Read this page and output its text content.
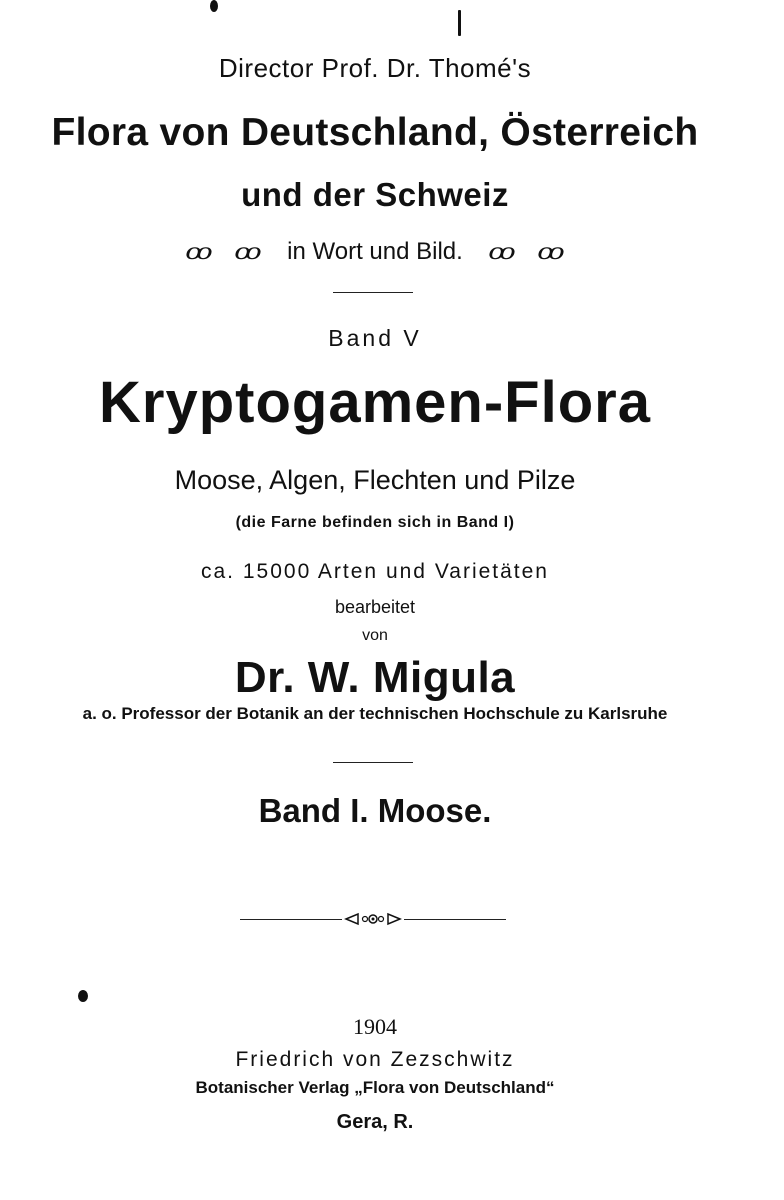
Director Prof. Dr. Thomé's
Flora von Deutschland, Österreich
und der Schweiz
ꝏ ꝏ in Wort und Bild. ꝏ ꝏ
Band V
Kryptogamen-Flora
Moose, Algen, Flechten und Pilze
(die Farne befinden sich in Band I)
ca. 15000 Arten und Varietäten
bearbeitet
von
Dr. W. Migula
a. o. Professor der Botanik an der technischen Hochschule zu Karlsruhe
Band I. Moose.
1904
Friedrich von Zezschwitz
Botanischer Verlag „Flora von Deutschland“
Gera, R.
